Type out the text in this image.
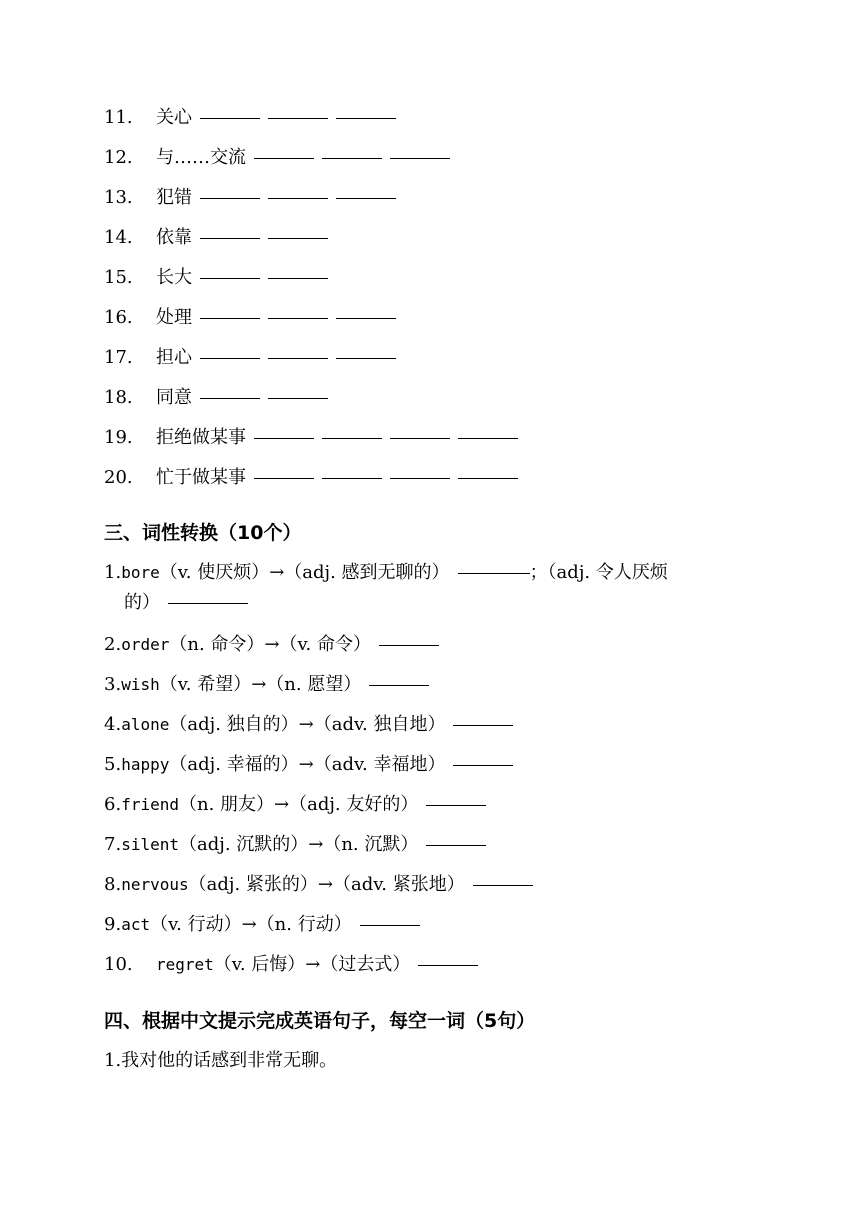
11. 关心
12. 与……交流
13. 犯错
14. 依靠
15. 长大
16. 处理
17. 担心
18. 同意
19. 拒绝做某事
20. 忙于做某事
三、词性转换（10个）
1.bore（v. 使厌烦）→（adj. 感到无聊的）	；（adj. 令人厌烦
的）
2.order（n. 命令）→（v. 命令）
3.wish（v. 希望）→（n. 愿望）
4.alone（adj. 独自的）→（adv. 独自地）
5.happy（adj. 幸福的）→（adv. 幸福地）
6.friend（n. 朋友）→（adj. 友好的）
7.silent（adj. 沉默的）→（n. 沉默）
8.nervous（adj. 紧张的）→（adv. 紧张地）
9.act（v. 行动）→（n. 行动）
10. regret（v. 后悔）→（过去式）
四、根据中文提示完成英语句子，每空一词（5句）
1.我对他的话感到非常无聊。
